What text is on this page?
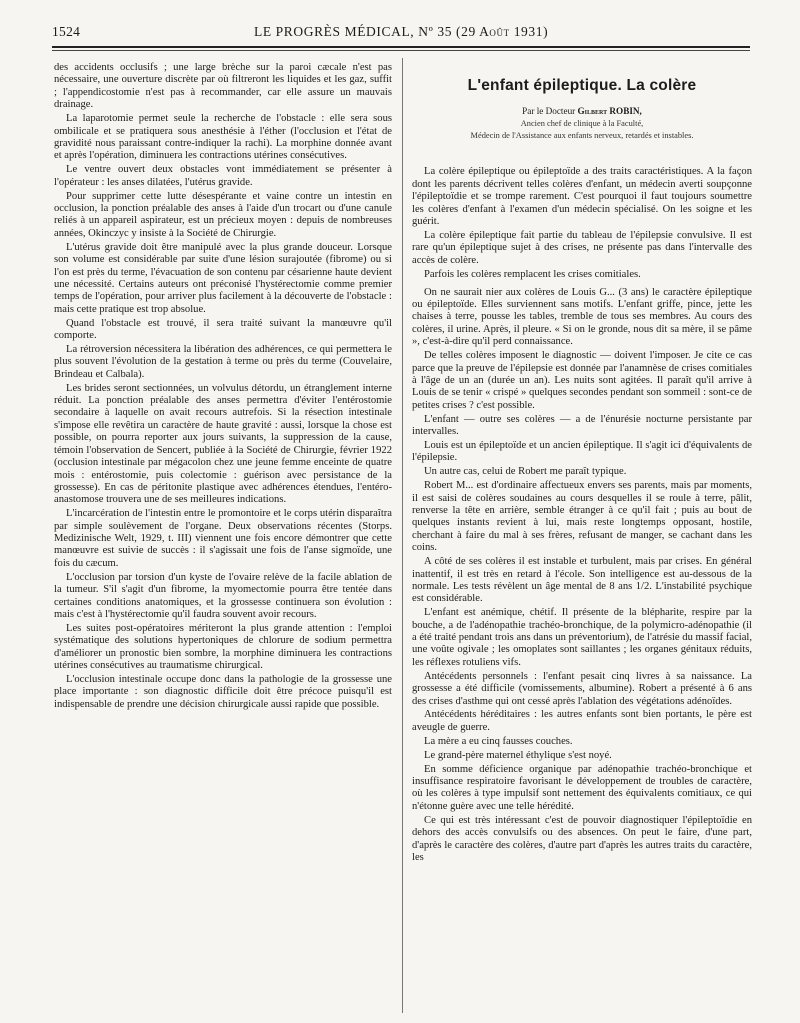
1524	LE PROGRÈS MÉDICAL, Nº 35 (29 Août 1931)

des accidents occlusifs ; une large brèche sur la paroi cæcale n'est pas nécessaire, une ouverture discrète par où filtreront les liquides et les gaz, suffit ; l'appendicostomie n'est pas à recommander, car elle assure un mauvais drainage.

La laparotomie permet seule la recherche de l'obstacle : elle sera sous ombilicale et se pratiquera sous anesthésie à l'éther (l'occlusion et l'état de gravidité nous paraissant contre-indiquer la rachi). La morphine donnée avant et après l'opération, diminuera les contractions utérines consécutives.

Le ventre ouvert deux obstacles vont immédiatement se présenter à l'opérateur : les anses dilatées, l'utérus gravide.

Pour supprimer cette lutte désespérante et vaine contre un intestin en occlusion, la ponction préalable des anses à l'aide d'un trocart ou d'une canule reliés à un appareil aspirateur, est un précieux moyen : depuis de nombreuses années, Okinczyc y insiste à la Société de Chirurgie.

L'utérus gravide doit être manipulé avec la plus grande douceur. Lorsque son volume est considérable par suite d'une lésion surajoutée (fibrome) ou si l'on est près du terme, l'évacuation de son contenu par césarienne haute devient une nécessité. Certains auteurs ont préconisé l'hystérectomie comme premier temps de l'opération, pour arriver plus facilement à la découverte de l'obstacle : mais cette pratique est trop absolue.

Quand l'obstacle est trouvé, il sera traité suivant la manœuvre qu'il comporte.

La rétroversion nécessitera la libération des adhérences, ce qui permettera le plus souvent l'évolution de la gestation à terme ou près du terme (Couvelaire, Brindeau et Calbala).

Les brides seront sectionnées, un volvulus détordu, un étranglement interne réduit. La ponction préalable des anses permettra d'éviter l'entérostomie secondaire à laquelle on avait recours autrefois. Si la résection intestinale s'impose elle revêtira un caractère de haute gravité : aussi, lorsque la chose est possible, on pourra reporter aux jours suivants, la suppression de la cause, témoin l'observation de Sencert, publiée à la Société de Chirurgie, février 1922 (occlusion intestinale par mégacolon chez une jeune femme enceinte de quatre mois : entérostomie, puis colectomie : guérison avec persistance de la grossesse). En cas de péritonite plastique avec adhérences étendues, l'entéro-anastomose trouvera une de ses meilleures indications.

L'incarcération de l'intestin entre le promontoire et le corps utérin disparaîtra par simple soulèvement de l'organe. Deux observations récentes (Storps. Medizinische Welt, 1929, t. III) viennent une fois encore démontrer que cette manœuvre est suivie de succès : il s'agissait une fois de l'anse sigmoïde, une fois du cæcum.

L'occlusion par torsion d'un kyste de l'ovaire relève de la facile ablation de la tumeur. S'il s'agit d'un fibrome, la myomectomie pourra être tentée dans certaines conditions anatomiques, et la grossesse continuera son évolution : mais c'est à l'hystérectomie qu'il faudra souvent avoir recours.

Les suites post-opératoires mériteront la plus grande attention : l'emploi systématique des solutions hypertoniques de chlorure de sodium permettra d'améliorer un pronostic bien sombre, la morphine diminuera les contractions utérines consécutives au traumatisme chirurgical.

L'occlusion intestinale occupe donc dans la pathologie de la grossesse une place importante : son diagnostic difficile doit être précoce puisqu'il est indispensable de prendre une décision chirurgicale aussi rapide que possible.

L'enfant épileptique. La colère

Par le Docteur Gilbert ROBIN,

Ancien chef de clinique à la Faculté,

Médecin de l'Assistance aux enfants nerveux, retardés et instables.

La colère épileptique ou épileptoïde a des traits caractéristiques. A la façon dont les parents décrivent telles colères d'enfant, un médecin averti soupçonne l'épileptoïdie et se trompe rarement. C'est pourquoi il faut toujours soumettre les colères d'enfant à l'examen d'un médecin spécialisé. On les soigne et les guérit.

La colère épileptique fait partie du tableau de l'épilepsie convulsive. Il est rare qu'un épileptique sujet à des crises, ne présente pas dans l'intervalle des accès de colère.

Parfois les colères remplacent les crises comitiales.

On ne saurait nier aux colères de Louis G... (3 ans) le caractère épileptique ou épileptoïde. Elles surviennent sans motifs. L'enfant griffe, pince, jette les chaises à terre, pousse les tables, tremble de tous ses membres. Au cours des colères, il urine. Après, il pleure. « Si on le gronde, nous dit sa mère, il se pâme », c'est-à-dire qu'il perd connaissance.

De telles colères imposent le diagnostic — doivent l'imposer. Je cite ce cas parce que la preuve de l'épilepsie est donnée par l'anamnèse de crises comitiales à l'âge de un an (durée un an). Les nuits sont agitées. Il paraît qu'il arrive à Louis de se tenir « crispé » quelques secondes pendant son sommeil : sont-ce de petites crises ? c'est possible.

L'enfant — outre ses colères — a de l'énurésie nocturne persistante par intervalles.

Louis est un épileptoïde et un ancien épileptique. Il s'agit ici d'équivalents de l'épilepsie.

Un autre cas, celui de Robert me paraît typique.

Robert M... est d'ordinaire affectueux envers ses parents, mais par moments, il est saisi de colères soudaines au cours desquelles il se roule à terre, pâlit, renverse la tête en arrière, semble étranger à ce qu'il fait ; puis au bout de quelques instants revient à lui, mais reste longtemps opposant, hostile, cherchant à faire du mal à ses frères, refusant de manger, se cachant dans les coins.

A côté de ses colères il est instable et turbulent, mais par crises. En général inattentif, il est très en retard à l'école. Son intelligence est au-dessous de la normale. Les tests révèlent un âge mental de 8 ans 1/2. L'instabilité psychique est considérable.

L'enfant est anémique, chétif. Il présente de la blépharite, respire par la bouche, a de l'adénopathie trachéo-bronchique, de la polymicro-adénopathie (il a été traité pendant trois ans dans un préventorium), de l'atrésie du massif facial, une voûte ogivale ; les omoplates sont saillantes ; les organes génitaux réduits, les réflexes rotuliens vifs.

Antécédents personnels : l'enfant pesait cinq livres à sa naissance. La grossesse a été difficile (vomissements, albumine). Robert a présenté à 6 ans des crises d'asthme qui ont cessé après l'ablation des végétations adénoïdes.

Antécédents héréditaires : les autres enfants sont bien portants, le père est aveugle de guerre.

La mère a eu cinq fausses couches.

Le grand-père maternel éthylique s'est noyé.

En somme déficience organique par adénopathie trachéo-bronchique et insuffisance respiratoire favorisant le développement de troubles de caractère, où les colères à type impulsif sont nettement des équivalents comitiaux, ce qui n'étonne guère avec une telle hérédité.

Ce qui est très intéressant c'est de pouvoir diagnostiquer l'épileptoïdie en dehors des accès convulsifs ou des absences. On peut le faire, d'une part, d'après le caractère des colères, d'autre part d'après les autres traits du caractère, les
